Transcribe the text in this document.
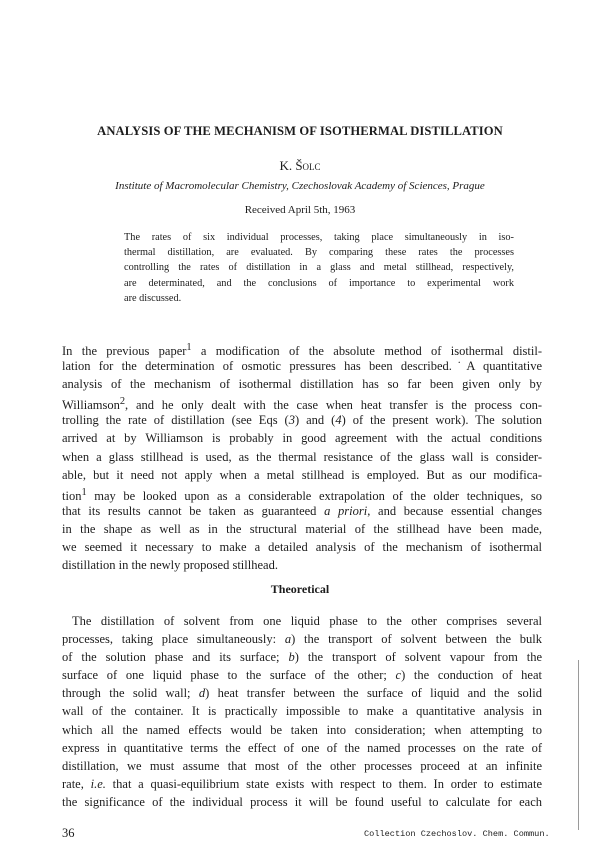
ANALYSIS OF THE MECHANISM OF ISOTHERMAL DISTILLATION
K. Šolc
Institute of Macromolecular Chemistry, Czechoslovak Academy of Sciences, Prague
Received April 5th, 1963
The rates of six individual processes, taking place simultaneously in iso-
thermal distillation, are evaluated. By comparing these rates the processes
controlling the rates of distillation in a glass and metal stillhead, respectively,
are determinated, and the conclusions of importance to experimental work
are discussed.
In the previous paper$^1$ a modification of the absolute method of isothermal distil-
lation for the determination of osmotic pressures has been described.˙A quantitative
analysis of the mechanism of isothermal distillation has so far been given only by
Williamson$^2$, and he only dealt with the case when heat transfer is the process con-
trolling the rate of distillation (see Eqs (3) and (4) of the present work). The solution
arrived at by Williamson is probably in good agreement with the actual conditions
when a glass stillhead is used, as the thermal resistance of the glass wall is consider-
able, but it need not apply when a metal stillhead is employed. But as our modifica-
tion$^1$ may be looked upon as a considerable extrapolation of the older techniques, so
that its results cannot be taken as guaranteed a priori, and because essential changes
in the shape as well as in the structural material of the stillhead have been made,
we seemed it necessary to make a detailed analysis of the mechanism of isothermal
distillation in the newly proposed stillhead.
Theoretical
The distillation of solvent from one liquid phase to the other comprises several
processes, taking place simultaneously: a) the transport of solvent between the bulk
of the solution phase and its surface; b) the transport of solvent vapour from the
surface of one liquid phase to the surface of the other; c) the conduction of heat
through the solid wall; d) heat transfer between the surface of liquid and the solid
wall of the container. It is practically impossible to make a quantitative analysis in
which all the named effects would be taken into consideration; when attempting to
express in quantitative terms the effect of one of the named processes on the rate of
distillation, we must assume that most of the other processes proceed at an infinite
rate, i.e. that a quasi-equilibrium state exists with respect to them. In order to estimate
the significance of the individual process it will be found useful to calculate for each
36	Collection Czechoslov. Chem. Commun.
